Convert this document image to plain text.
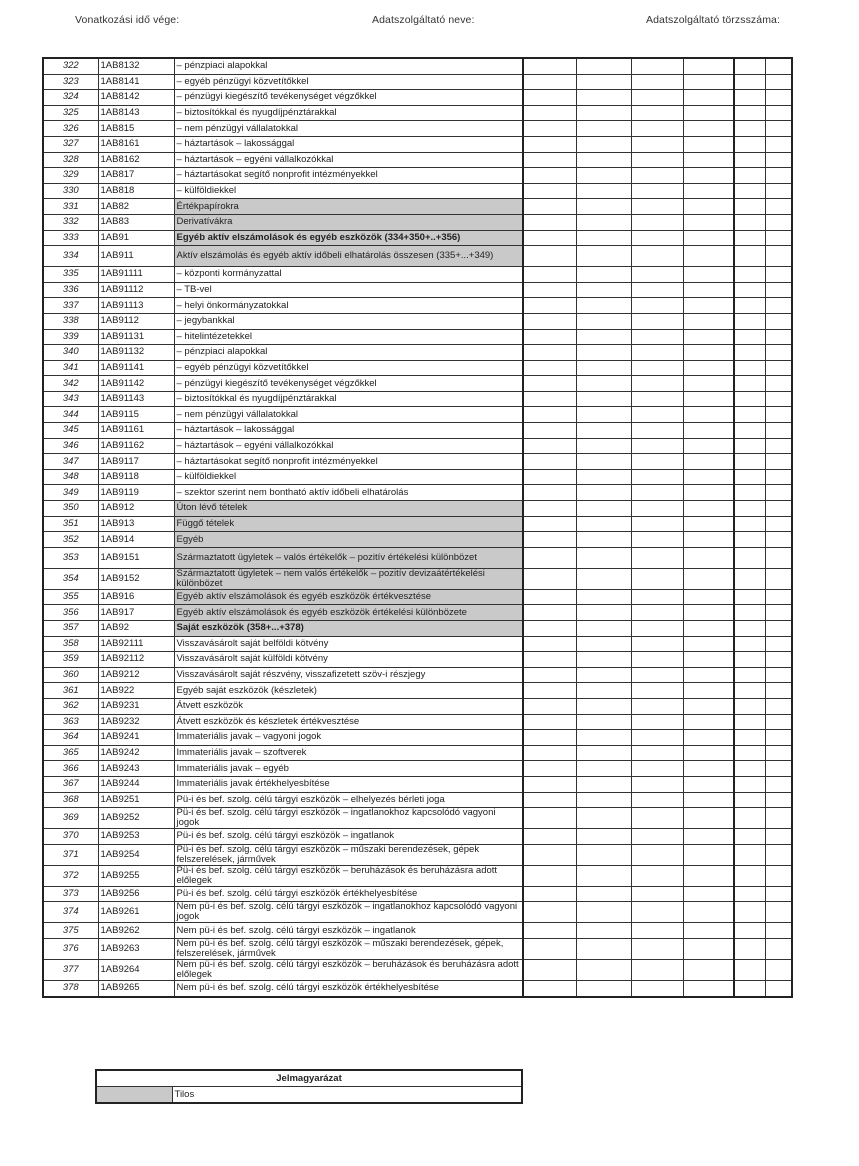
Vonatkozási idő vége:	Adatszolgáltató neve:	Adatszolgáltató törzsszáma:
322	1AB8132	– pénzpiaci alapokkal						
323	1AB8141	– egyéb pénzügyi közvetítőkkel						
324	1AB8142	– pénzügyi kiegészítő tevékenységet végzőkkel						
325	1AB8143	– biztosítókkal és nyugdíjpénztárakkal						
326	1AB815	– nem pénzügyi vállalatokkal						
327	1AB8161	– háztartások – lakossággal						
328	1AB8162	– háztartások – egyéni vállalkozókkal						
329	1AB817	– háztartásokat segítő nonprofit intézményekkel						
330	1AB818	– külföldiekkel						
331	1AB82	Értékpapírokra						
332	1AB83	Derivatívákra						
333	1AB91	Egyéb aktív elszámolások és egyéb eszközök (334+350+..+356)						
334	1AB911	Aktív elszámolás és egyéb aktív időbeli elhatárolás összesen (335+...+349)						
335	1AB91111	– központi kormányzattal						
336	1AB91112	– TB-vel						
337	1AB91113	– helyi önkormányzatokkal						
338	1AB9112	– jegybankkal						
339	1AB91131	– hitelintézetekkel						
340	1AB91132	– pénzpiaci alapokkal						
341	1AB91141	– egyéb pénzügyi közvetítőkkel						
342	1AB91142	– pénzügyi kiegészítő tevékenységet végzőkkel						
343	1AB91143	– biztosítókkal és nyugdíjpénztárakkal						
344	1AB9115	– nem pénzügyi vállalatokkal						
345	1AB91161	– háztartások – lakossággal						
346	1AB91162	– háztartások – egyéni vállalkozókkal						
347	1AB9117	– háztartásokat segítő nonprofit intézményekkel						
348	1AB9118	– külföldiekkel						
349	1AB9119	– szektor szerint nem bontható aktív időbeli elhatárolás						
350	1AB912	Úton lévő tételek						
351	1AB913	Függő tételek						
352	1AB914	Egyéb						
353	1AB9151	Származtatott ügyletek – valós értékelők – pozitív értékelési különbözet						
354	1AB9152	Származtatott ügyletek – nem valós értékelők – pozitív devizaátértékelési különbözet						
355	1AB916	Egyéb aktív elszámolások és egyéb eszközök értékvesztése						
356	1AB917	Egyéb aktív elszámolások és egyéb eszközök értékelési különbözete						
357	1AB92	Saját eszközök (358+...+378)						
358	1AB92111	Visszavásárolt saját belföldi kötvény						
359	1AB92112	Visszavásárolt saját külföldi kötvény						
360	1AB9212	Visszavásárolt saját részvény, visszafizetett szöv-i részjegy						
361	1AB922	Egyéb saját eszközök (készletek)						
362	1AB9231	Átvett eszközök						
363	1AB9232	Átvett eszközök és készletek értékvesztése						
364	1AB9241	Immateriális javak – vagyoni jogok						
365	1AB9242	Immateriális javak – szoftverek						
366	1AB9243	Immateriális javak – egyéb						
367	1AB9244	Immateriális javak értékhelyesbítése						
368	1AB9251	Pü-i és bef. szolg. célú tárgyi eszközök – elhelyezés bérleti joga						
369	1AB9252	Pü-i és bef. szolg. célú tárgyi eszközök – ingatlanokhoz kapcsolódó vagyoni jogok						
370	1AB9253	Pü-i és bef. szolg. célú tárgyi eszközök – ingatlanok						
371	1AB9254	Pü-i és bef. szolg. célú tárgyi eszközök – műszaki berendezések, gépek felszerelések, járművek						
372	1AB9255	Pü-i és bef. szolg. célú tárgyi eszközök – beruházások és beruházásra adott előlegek						
373	1AB9256	Pü-i és bef. szolg. célú tárgyi eszközök értékhelyesbítése						
374	1AB9261	Nem pü-i és bef. szolg. célú tárgyi eszközök – ingatlanokhoz kapcsolódó vagyoni jogok						
375	1AB9262	Nem pü-i és bef. szolg. célú tárgyi eszközök – ingatlanok						
376	1AB9263	Nem pü-i és bef. szolg. célú tárgyi eszközök – műszaki berendezések, gépek, felszerelések, járművek						
377	1AB9264	Nem pü-i és bef. szolg. célú tárgyi eszközök – beruházások és beruházásra adott előlegek						
378	1AB9265	Nem pü-i és bef. szolg. célú tárgyi eszközök értékhelyesbítése						
Jelmagyarázat
	Tilos
